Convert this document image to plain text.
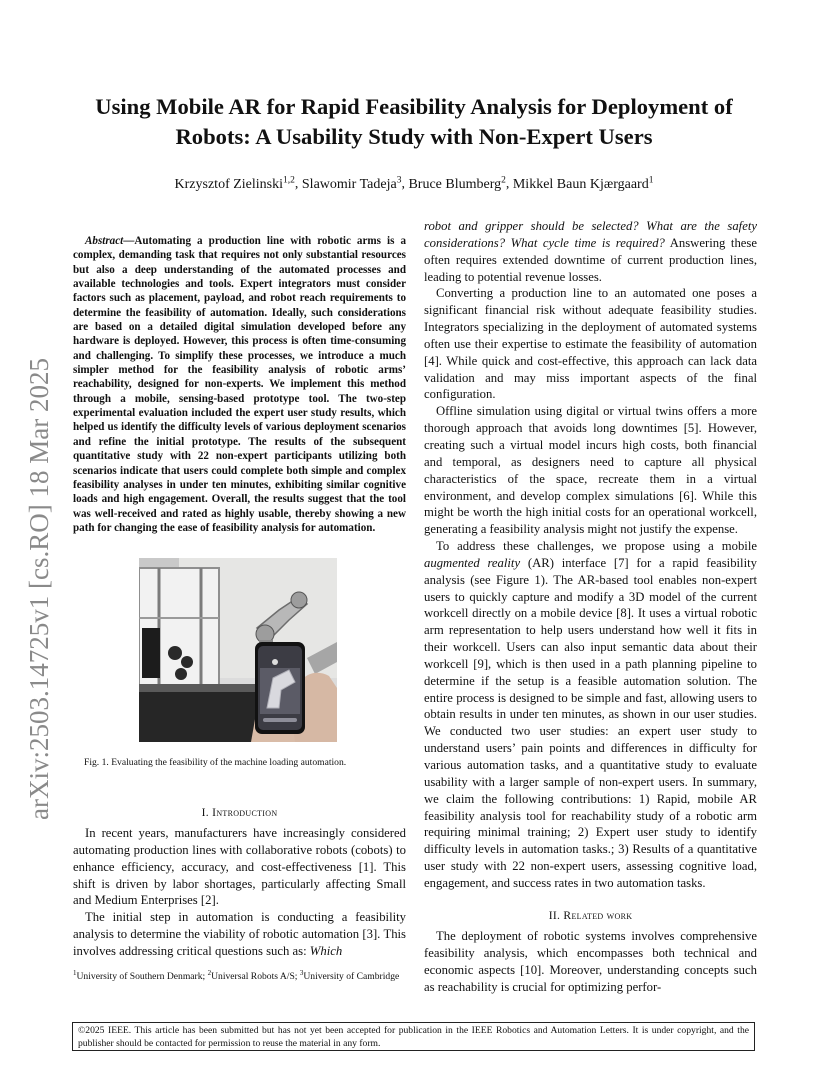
arXiv:2503.14725v1 [cs.RO] 18 Mar 2025
Using Mobile AR for Rapid Feasibility Analysis for Deployment of
Robots: A Usability Study with Non-Expert Users
Krzysztof Zielinski$^{1,2}$, Slawomir Tadeja$^3$, Bruce Blumberg$^2$, Mikkel Baun Kjærgaard$^1$

Abstract—Automating a production line with robotic arms is a complex, demanding task that requires not only substantial resources but also a deep understanding of the automated processes and available technologies and tools. Expert integrators must consider factors such as placement, payload, and robot reach requirements to determine the feasibility of automation. Ideally, such considerations are based on a detailed digital simulation developed before any hardware is deployed. However, this process is often time-consuming and challenging. To simplify these processes, we introduce a much simpler method for the feasibility analysis of robotic arms’ reachability, designed for non-experts. We implement this method through a mobile, sensing-based prototype tool. The two-step experimental evaluation included the expert user study results, which helped us identify the difficulty levels of various deployment scenarios and refine the initial prototype. The results of the subsequent quantitative study with 22 non-expert participants utilizing both scenarios indicate that users could complete both simple and complex feasibility analyses in under ten minutes, exhibiting similar cognitive loads and high engagement. Overall, the results suggest that the tool was well-received and rated as highly usable, thereby showing a new path for changing the ease of feasibility analysis for automation.

Fig. 1. Evaluating the feasibility of the machine loading automation.
I. Introduction

In recent years, manufacturers have increasingly considered automating production lines with collaborative robots (cobots) to enhance efficiency, accuracy, and cost-effectiveness [1]. This shift is driven by labor shortages, particularly affecting Small and Medium Enterprises [2].

The initial step in automation is conducting a feasibility analysis to determine the viability of robotic automation [3]. This involves addressing critical questions such as: Which

$^1$University of Southern Denmark; $^2$Universal Robots A/S; $^3$University of Cambridge

robot and gripper should be selected? What are the safety considerations? What cycle time is required? Answering these often requires extended downtime of current production lines, leading to potential revenue losses.

Converting a production line to an automated one poses a significant financial risk without adequate feasibility studies. Integrators specializing in the deployment of automated systems often use their expertise to estimate the feasibility of automation [4]. While quick and cost-effective, this approach can lack data validation and may miss important aspects of the final configuration.

Offline simulation using digital or virtual twins offers a more thorough approach that avoids long downtimes [5]. However, creating such a virtual model incurs high costs, both financial and temporal, as designers need to capture all physical characteristics of the space, recreate them in a virtual environment, and develop complex simulations [6]. While this might be worth the high initial costs for an operational workcell, generating a feasibility analysis might not justify the expense.

To address these challenges, we propose using a mobile augmented reality (AR) interface [7] for a rapid feasibility analysis (see Figure 1). The AR-based tool enables non-expert users to quickly capture and modify a 3D model of the current workcell directly on a mobile device [8]. It uses a virtual robotic arm representation to help users understand how well it fits in their workcell. Users can also input semantic data about their workcell [9], which is then used in a path planning pipeline to determine if the setup is a feasible automation solution. The entire process is designed to be simple and fast, allowing users to obtain results in under ten minutes, as shown in our user studies. We conducted two user studies: an expert user study to understand users’ pain points and differences in difficulty for various automation tasks, and a quantitative study to evaluate usability with a larger sample of non-expert users. In summary, we claim the following contributions: 1) Rapid, mobile AR feasibility analysis tool for reachability study of a robotic arm requiring minimal training; 2) Expert user study to identify difficulty levels in automation tasks.; 3) Results of a quantitative user study with 22 non-expert users, assessing cognitive load, engagement, and success rates in two automation tasks.

II. Related work

The deployment of robotic systems involves comprehensive feasibility analysis, which encompasses both technical and economic aspects [10]. Moreover, understanding concepts such as reachability is crucial for optimizing perfor-

©2025 IEEE. This article has been submitted but has not yet been accepted for publication in the IEEE Robotics and Automation Letters. It is under copyright, and the publisher should be contacted for permission to reuse the material in any form.
